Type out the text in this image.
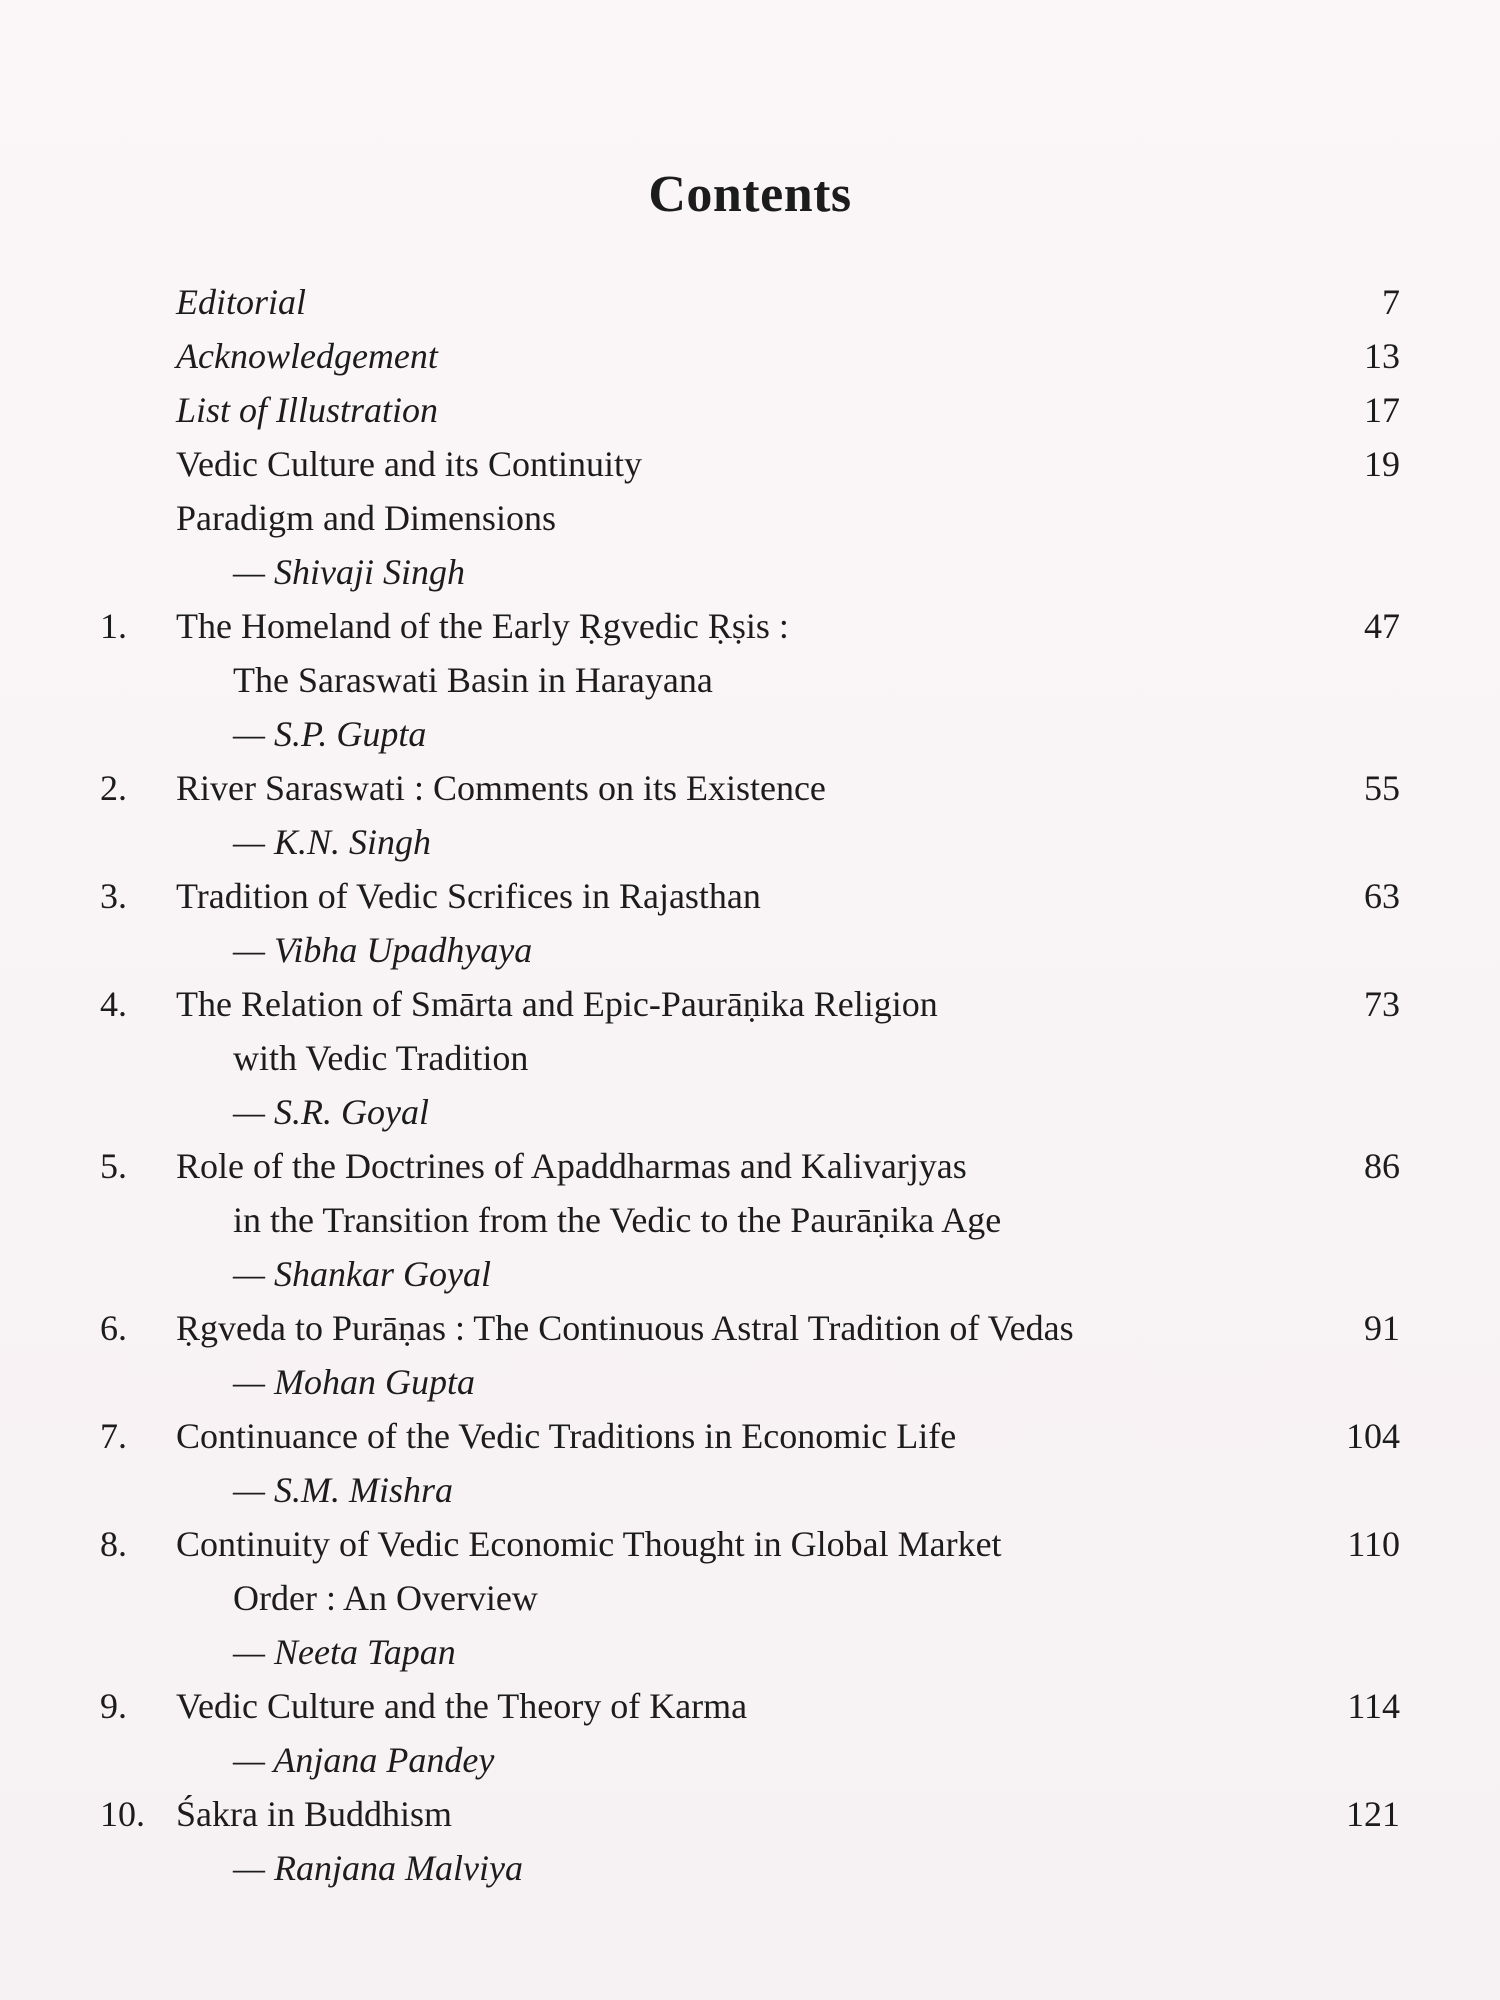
Contents
Editorial	7
Acknowledgement	13
List of Illustration	17
Vedic Culture and its Continuity	19
Paradigm and Dimensions
— Shivaji Singh
1.	The Homeland of the Early Ṛgvedic Ṛṣis :	47
The Saraswati Basin in Harayana
— S.P. Gupta
2.	River Saraswati : Comments on its Existence	55
— K.N. Singh
3.	Tradition of Vedic Scrifices in Rajasthan	63
— Vibha Upadhyaya
4.	The Relation of Smārta and Epic-Paurāṇika Religion	73
with Vedic Tradition
— S.R. Goyal
5.	Role of the Doctrines of Apaddharmas and Kalivarjyas	86
in the Transition from the Vedic to the Paurāṇika Age
— Shankar Goyal
6.	Ṛgveda to Purāṇas : The Continuous Astral Tradition of Vedas	91
— Mohan Gupta
7.	Continuance of the Vedic Traditions in Economic Life	104
— S.M. Mishra
8.	Continuity of Vedic Economic Thought in Global Market	110
Order : An Overview
— Neeta Tapan
9.	Vedic Culture and the Theory of Karma	114
— Anjana Pandey
10. Śakra in Buddhism	121
— Ranjana Malviya
